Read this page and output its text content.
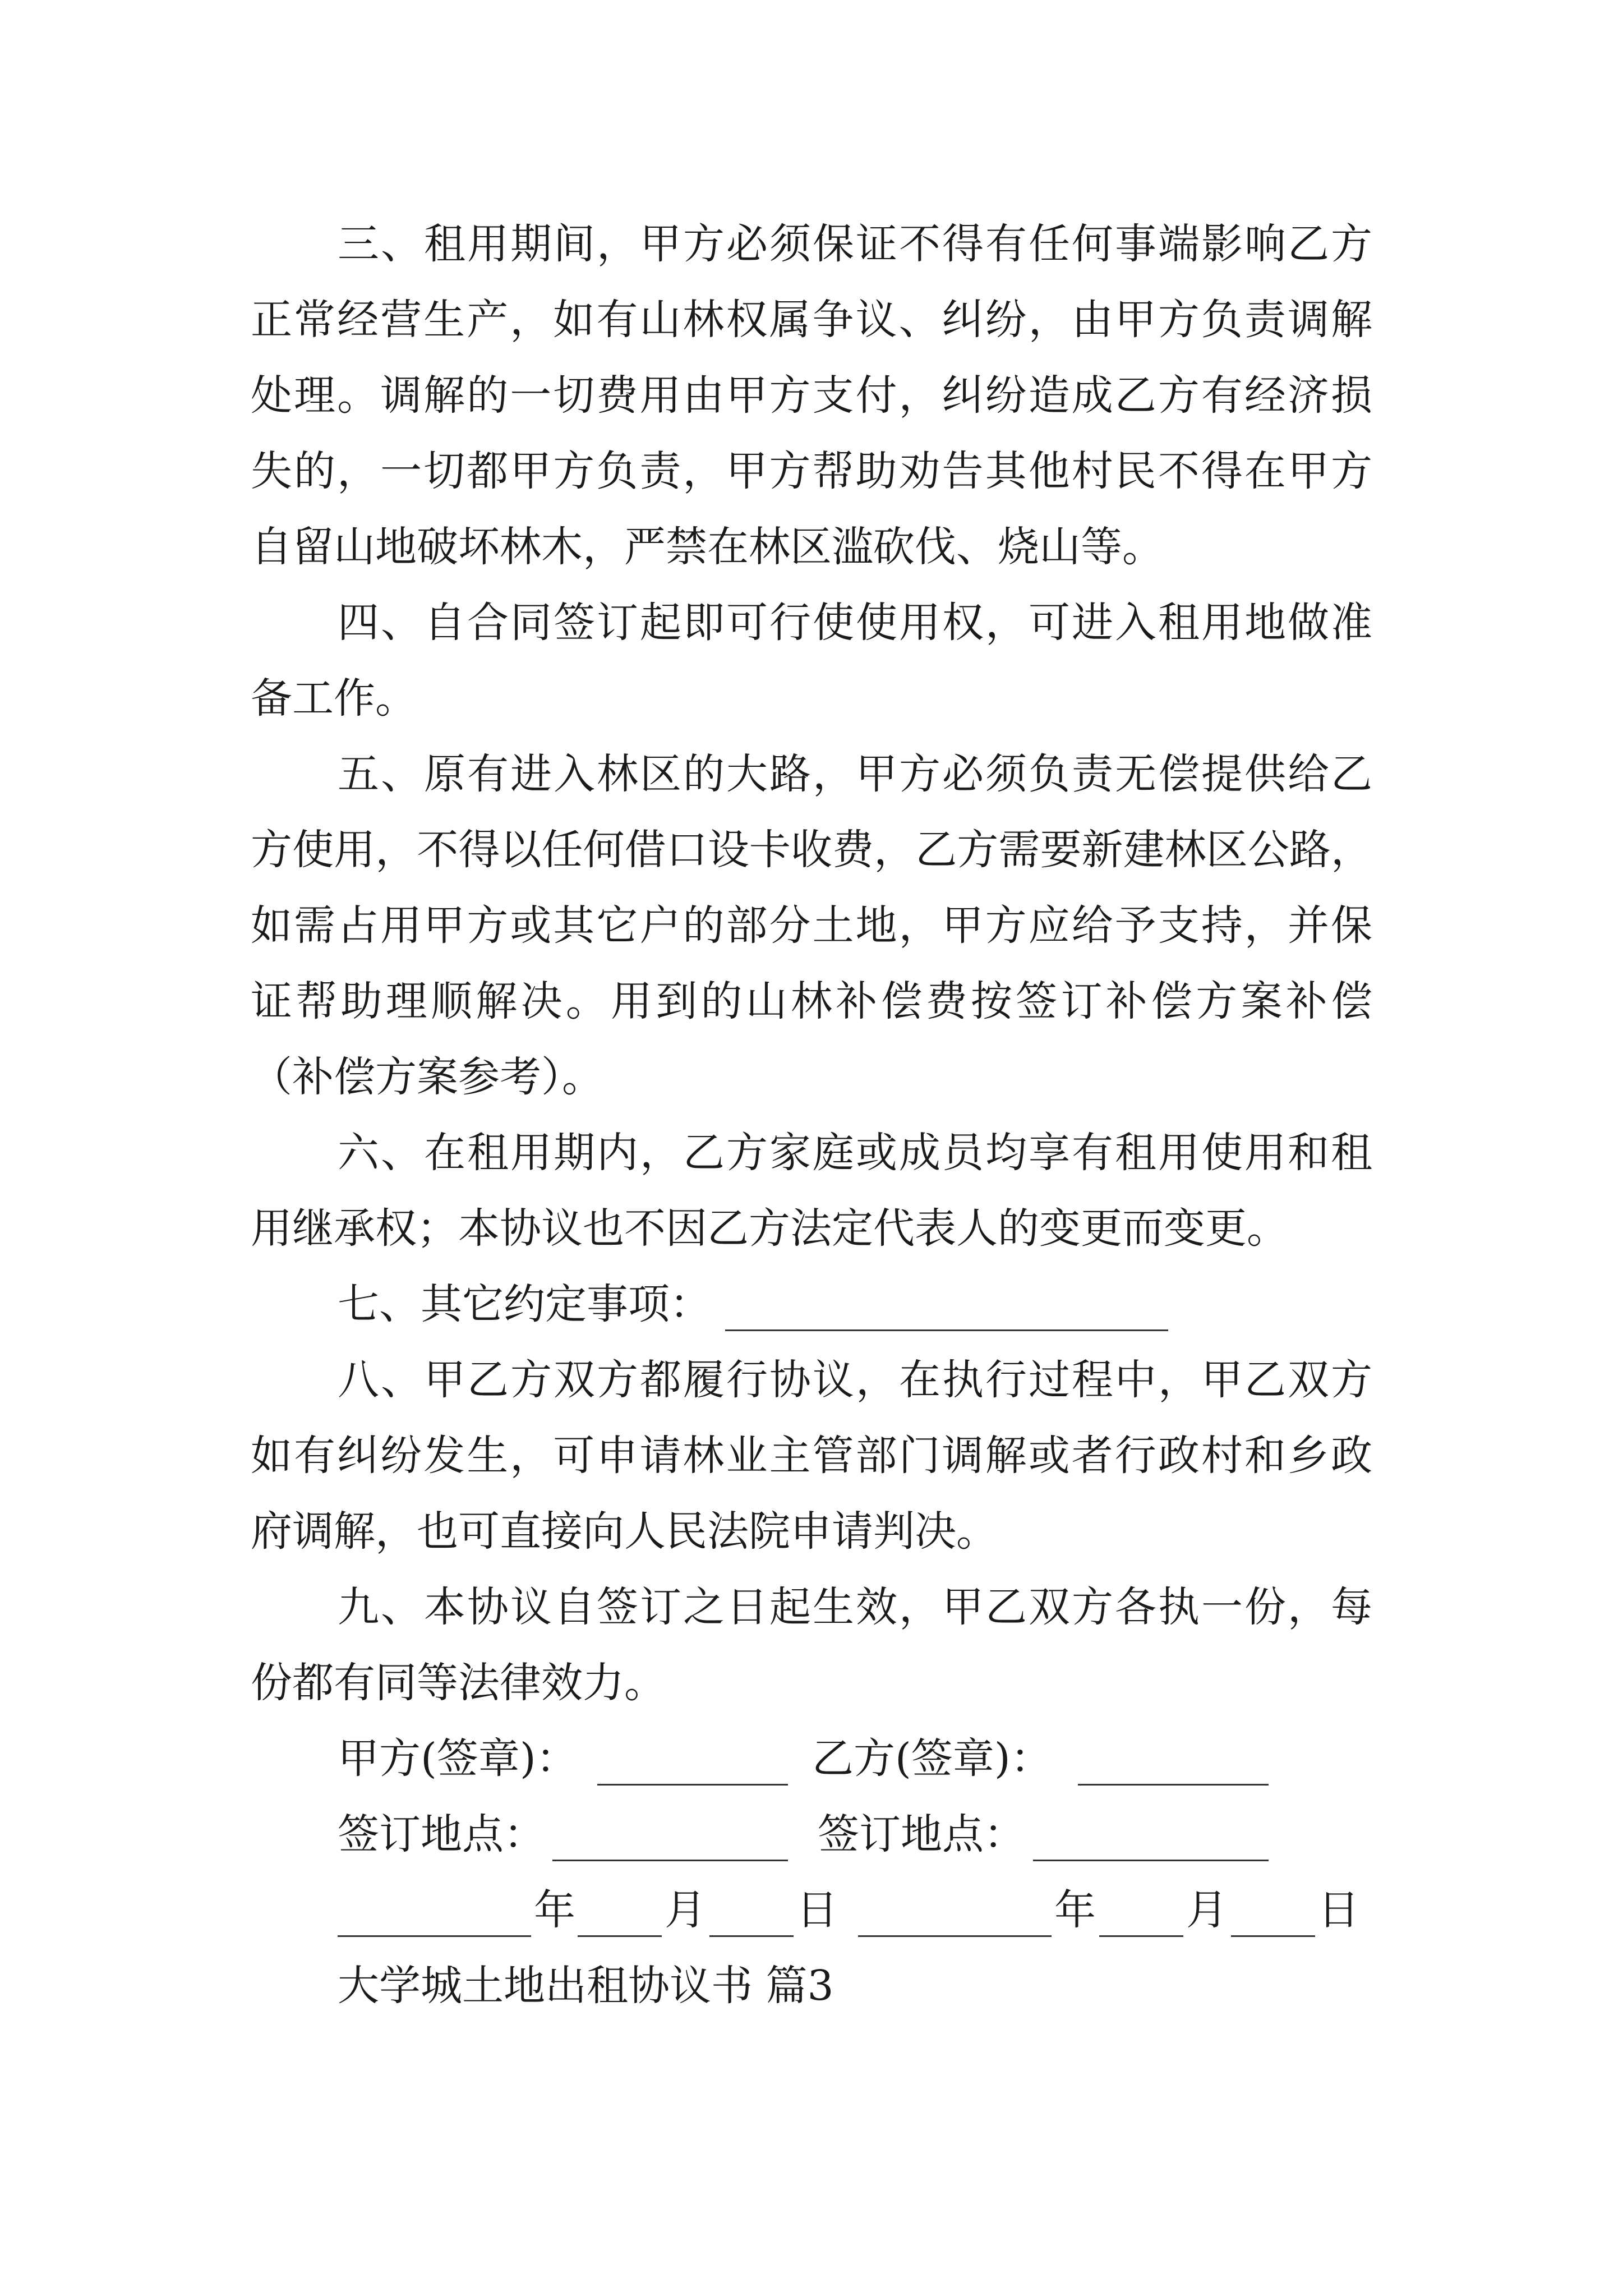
三、租用期间，甲方必须保证不得有任何事端影响乙方
正常经营生产，如有山林权属争议、纠纷，由甲方负责调解
处理。调解的一切费用由甲方支付，纠纷造成乙方有经济损
失的，一切都甲方负责，甲方帮助劝告其他村民不得在甲方
自留山地破坏林木，严禁在林区滥砍伐、烧山等。
四、自合同签订起即可行使使用权，可进入租用地做准
备工作。
五、原有进入林区的大路，甲方必须负责无偿提供给乙
方使用，不得以任何借口设卡收费，乙方需要新建林区公路，
如需占用甲方或其它户的部分土地，甲方应给予支持，并保
证帮助理顺解决。用到的山林补偿费按签订补偿方案补偿
（补偿方案参考）。
六、在租用期内，乙方家庭或成员均享有租用使用和租
用继承权；本协议也不因乙方法定代表人的变更而变更。
七、其它约定事项：
八、甲乙方双方都履行协议，在执行过程中，甲乙双方
如有纠纷发生，可申请林业主管部门调解或者行政村和乡政
府调解，也可直接向人民法院申请判决。
九、本协议自签订之日起生效，甲乙双方各执一份，每
份都有同等法律效力。
甲方(签章)：	乙方(签章)：
签订地点：	签订地点：
年 月 日	年 月 日
大学城土地出租协议书 篇3
